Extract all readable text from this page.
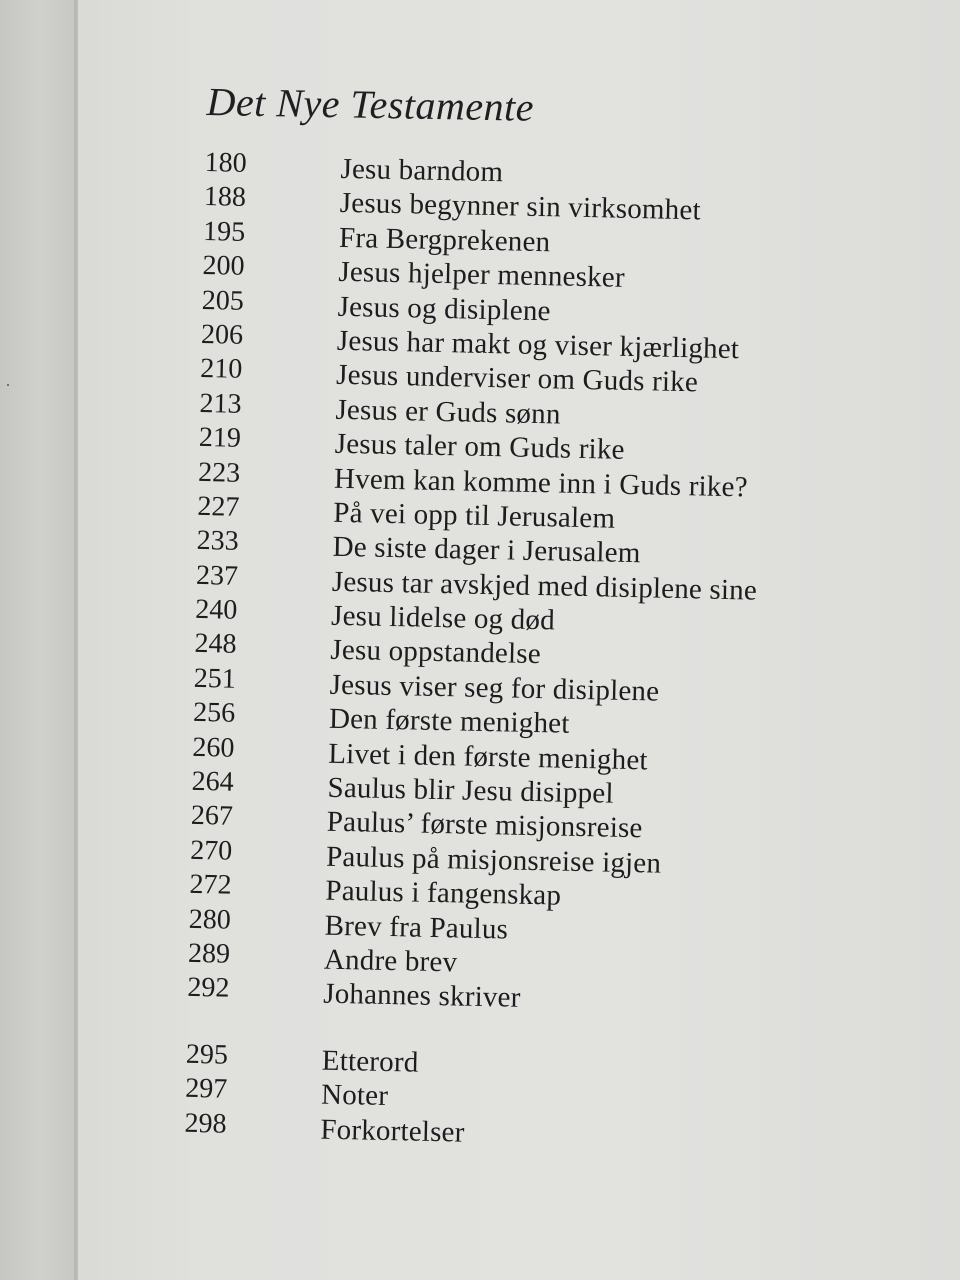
Det Nye Testamente
180	Jesu barndom
188	Jesus begynner sin virksomhet
195	Fra Bergprekenen
200	Jesus hjelper mennesker
205	Jesus og disiplene
206	Jesus har makt og viser kjærlighet
210	Jesus underviser om Guds rike
213	Jesus er Guds sønn
219	Jesus taler om Guds rike
223	Hvem kan komme inn i Guds rike?
227	På vei opp til Jerusalem
233	De siste dager i Jerusalem
237	Jesus tar avskjed med disiplene sine
240	Jesu lidelse og død
248	Jesu oppstandelse
251	Jesus viser seg for disiplene
256	Den første menighet
260	Livet i den første menighet
264	Saulus blir Jesu disippel
267	Paulus’ første misjonsreise
270	Paulus på misjonsreise igjen
272	Paulus i fangenskap
280	Brev fra Paulus
289	Andre brev
292	Johannes skriver
295	Etterord
297	Noter
298	Forkortelser
